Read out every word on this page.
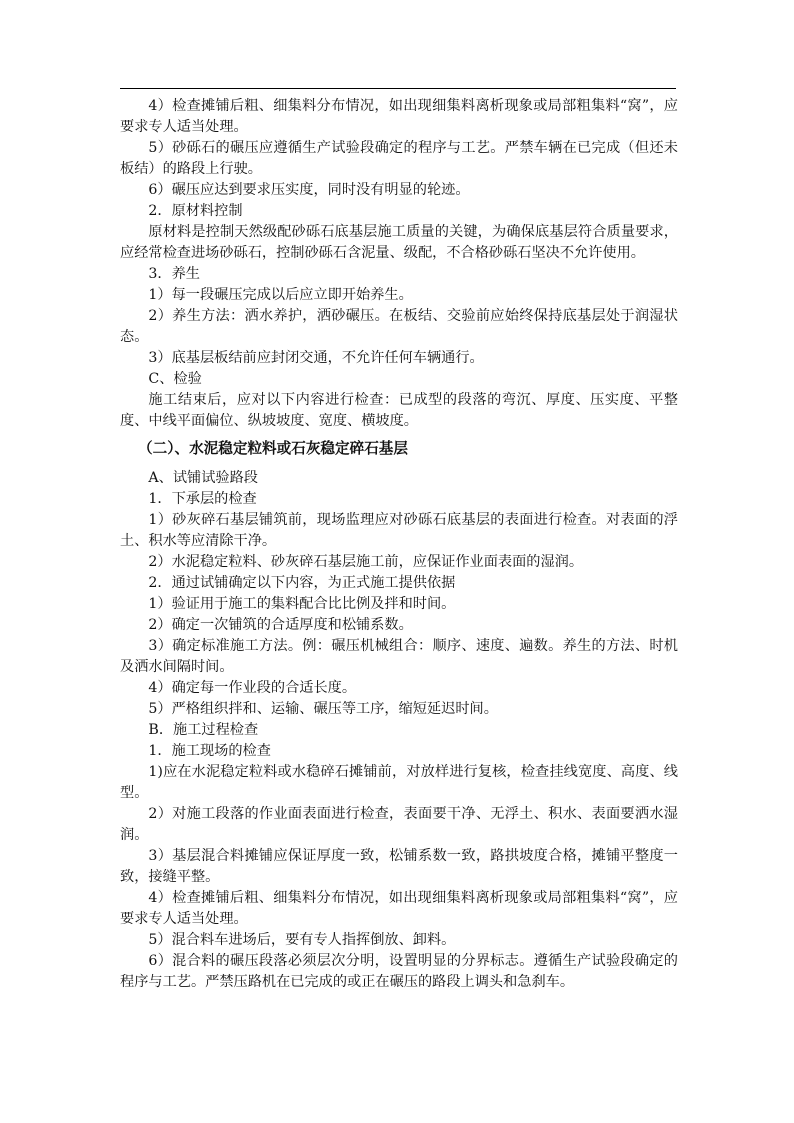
4）检查摊铺后粗、细集料分布情况，如出现细集料离析现象或局部粗集料“窝”，应要求专人适当处理。

5）砂砾石的碾压应遵循生产试验段确定的程序与工艺。严禁车辆在已完成（但还未板结）的路段上行驶。

6）碾压应达到要求压实度，同时没有明显的轮迹。

2．原材料控制

原材料是控制天然级配砂砾石底基层施工质量的关键，为确保底基层符合质量要求，应经常检查进场砂砾石，控制砂砾石含泥量、级配，不合格砂砾石坚决不允许使用。

3．养生

1）每一段碾压完成以后应立即开始养生。

2）养生方法：洒水养护，洒砂碾压。在板结、交验前应始终保持底基层处于润湿状态。

3）底基层板结前应封闭交通，不允许任何车辆通行。

C、检验

施工结束后，应对以下内容进行检查：已成型的段落的弯沉、厚度、压实度、平整度、中线平面偏位、纵坡坡度、宽度、横坡度。

（二）、水泥稳定粒料或石灰稳定碎石基层

A、试铺试验路段

1．下承层的检查

1）砂灰碎石基层铺筑前，现场监理应对砂砾石底基层的表面进行检查。对表面的浮土、积水等应清除干净。

2）水泥稳定粒料、砂灰碎石基层施工前，应保证作业面表面的湿润。

2．通过试铺确定以下内容，为正式施工提供依据

1）验证用于施工的集料配合比比例及拌和时间。

2）确定一次铺筑的合适厚度和松铺系数。

3）确定标准施工方法。例：碾压机械组合：顺序、速度、遍数。养生的方法、时机及洒水间隔时间。

4）确定每一作业段的合适长度。

5）严格组织拌和、运输、碾压等工序，缩短延迟时间。

B．施工过程检查

1．施工现场的检查

1)应在水泥稳定粒料或水稳碎石摊铺前，对放样进行复核，检查挂线宽度、高度、线型。

2）对施工段落的作业面表面进行检查，表面要干净、无浮土、积水、表面要洒水湿润。

3）基层混合料摊铺应保证厚度一致，松铺系数一致，路拱坡度合格，摊铺平整度一致，接缝平整。

4）检查摊铺后粗、细集料分布情况，如出现细集料离析现象或局部粗集料“窝”，应要求专人适当处理。

5）混合料车进场后，要有专人指挥倒放、卸料。

6）混合料的碾压段落必须层次分明，设置明显的分界标志。遵循生产试验段确定的程序与工艺。严禁压路机在已完成的或正在碾压的路段上调头和急刹车。
